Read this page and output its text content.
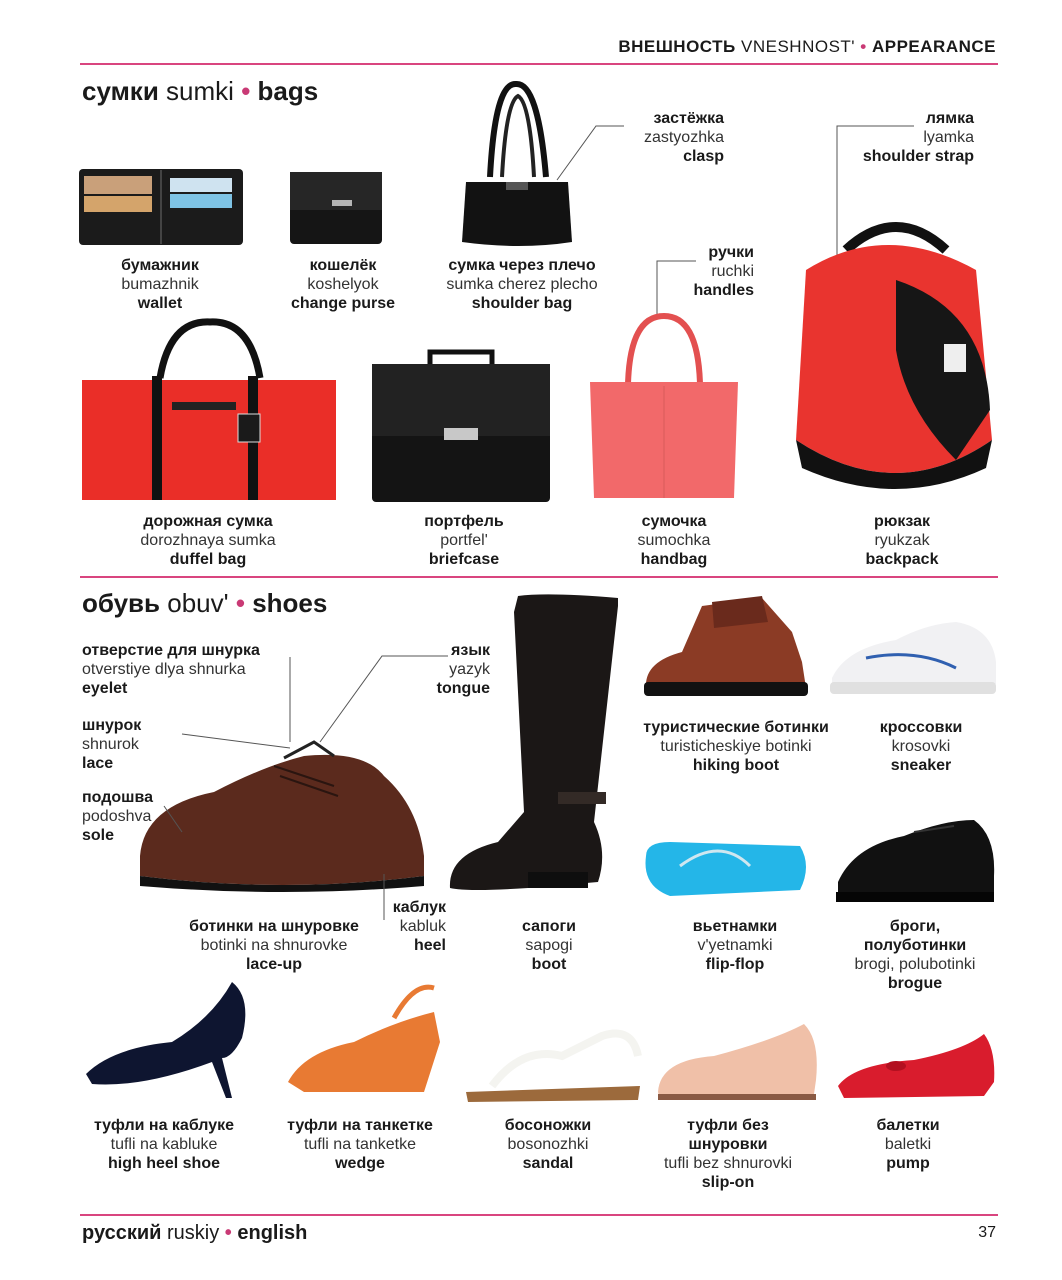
ВНЕШНОСТЬ VNESHNOST' • APPEARANCE
сумки sumki • bags
застёжка
zastyozhka
clasp
лямка
lyamka
shoulder strap
бумажник
bumazhnik
wallet
кошелёк
koshelyok
change purse
сумка через плечо
sumka cherez plecho
shoulder bag
ручки
ruchki
handles
дорожная сумка
dorozhnaya sumka
duffel bag
портфель
portfel'
briefcase
сумочка
sumochka
handbag
рюкзак
ryukzak
backpack
обувь obuv' • shoes
отверстие для шнурка
otverstiye dlya shnurka
eyelet
язык
yazyk
tongue
шнурок
shnurok
lace
подошва
podoshva
sole
каблук
kabluk
heel
туристические ботинки
turisticheskiye botinki
hiking boot
кроссовки
krosovki
sneaker
ботинки на шнуровке
botinki na shnurovke
lace-up
сапоги
sapogi
boot
вьетнамки
v'yetnamki
flip-flop
броги,
полуботинки
brogi, polubotinki
brogue
туфли на каблуке
tufli na kabluke
high heel shoe
туфли на танкетке
tufli na tanketke
wedge
босоножки
bosonozhki
sandal
туфли без
шнуровки
tufli bez shnurovki
slip-on
балетки
baletki
pump
русский ruskiy • english	37
